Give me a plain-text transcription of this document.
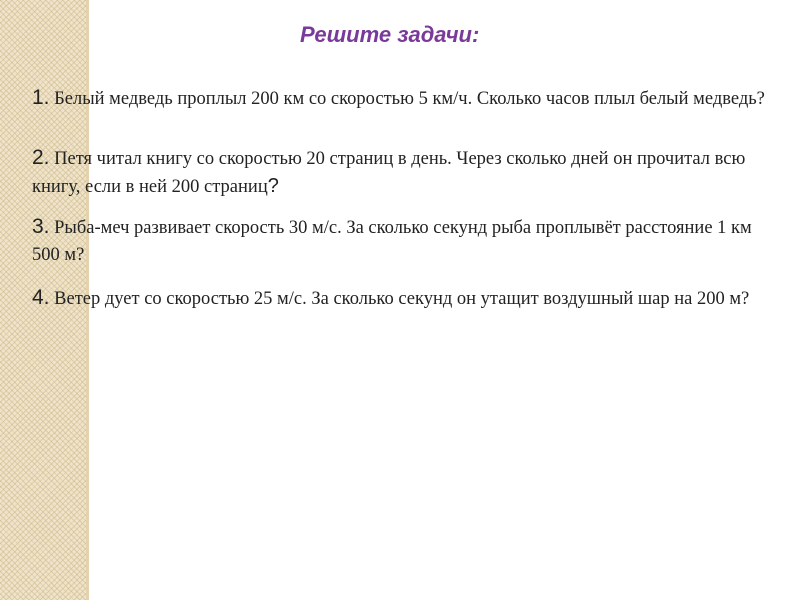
Решите задачи:
1. Белый медведь проплыл 200 км со скоростью 5 км/ч. Сколько часов плыл белый медведь?
2. Петя читал книгу со скоростью 20 страниц в день. Через сколько дней он прочитал всю книгу, если в ней 200 страниц?
3. Рыба-меч развивает скорость 30 м/с. За сколько секунд рыба проплывёт расстояние 1 км 500 м?
4. Ветер дует со скоростью 25 м/с. За сколько секунд он утащит воздушный шар на 200 м?
